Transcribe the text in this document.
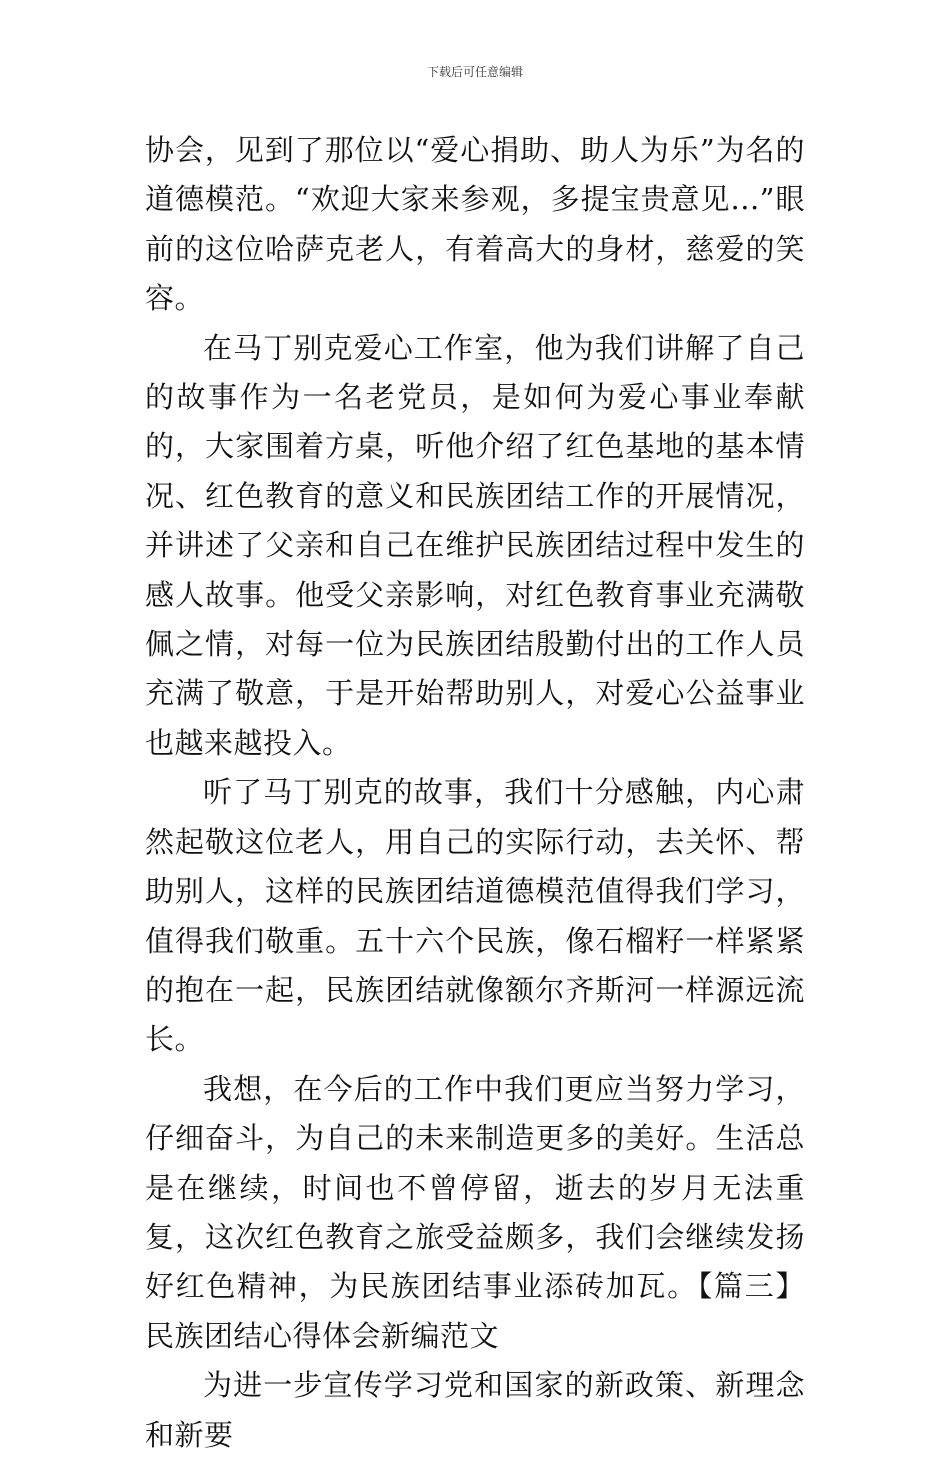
下载后可任意编辑

协会，见到了那位以“爱心捐助、助人为乐”为名的道德模范。“欢迎大家来参观，多提宝贵意见...”眼前的这位哈萨克老人，有着高大的身材，慈爱的笑容。

在马丁别克爱心工作室，他为我们讲解了自己的故事作为一名老党员，是如何为爱心事业奉献的，大家围着方桌，听他介绍了红色基地的基本情况、红色教育的意义和民族团结工作的开展情况，并讲述了父亲和自己在维护民族团结过程中发生的感人故事。他受父亲影响，对红色教育事业充满敬佩之情，对每一位为民族团结殷勤付出的工作人员充满了敬意，于是开始帮助别人，对爱心公益事业也越来越投入。

听了马丁别克的故事，我们十分感触，内心肃然起敬这位老人，用自己的实际行动，去关怀、帮助别人，这样的民族团结道德模范值得我们学习，值得我们敬重。五十六个民族，像石榴籽一样紧紧的抱在一起，民族团结就像额尔齐斯河一样源远流长。

我想，在今后的工作中我们更应当努力学习，仔细奋斗，为自己的未来制造更多的美好。生活总是在继续，时间也不曾停留，逝去的岁月无法重复，这次红色教育之旅受益颇多，我们会继续发扬好红色精神，为民族团结事业添砖加瓦。【篇三】民族团结心得体会新编范文

为进一步宣传学习党和国家的新政策、新理念和新要
